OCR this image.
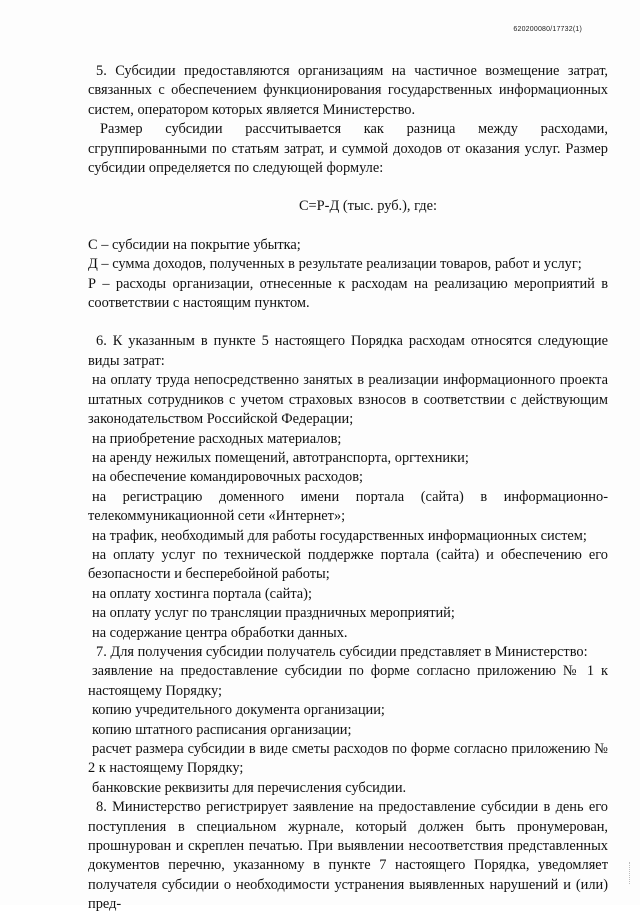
620200080/17732(1)

5. Субсидии предоставляются организациям на частичное возмещение затрат, связанных с обеспечением функционирования государственных информационных систем, оператором которых является Министерство.

Размер субсидии рассчитывается как разница между расходами, сгруппированными по статьям затрат, и суммой доходов от оказания услуг. Размер субсидии определяется по следующей формуле:

С=Р-Д (тыс. руб.), где:

С – субсидии на покрытие убытка;

Д – сумма доходов, полученных в результате реализации товаров, работ и услуг;

Р – расходы организации, отнесенные к расходам на реализацию мероприятий в соответствии с настоящим пунктом.

6. К указанным в пункте 5 настоящего Порядка расходам относятся следующие виды затрат:

на оплату труда непосредственно занятых в реализации информационного проекта штатных сотрудников с учетом страховых взносов в соответствии с действующим законодательством Российской Федерации;

на приобретение расходных материалов;

на аренду нежилых помещений, автотранспорта, оргтехники;

на обеспечение командировочных расходов;

на регистрацию доменного имени портала (сайта) в информационно-телекоммуникационной сети «Интернет»;

на трафик, необходимый для работы государственных информационных систем;

на оплату услуг по технической поддержке портала (сайта) и обеспечению его безопасности и бесперебойной работы;

на оплату хостинга портала (сайта);

на оплату услуг по трансляции праздничных мероприятий;

на содержание центра обработки данных.

7. Для получения субсидии получатель субсидии представляет в Министерство:

заявление на предоставление субсидии по форме согласно приложению № 1 к настоящему Порядку;

копию учредительного документа организации;

копию штатного расписания организации;

расчет размера субсидии в виде сметы расходов по форме согласно приложению № 2 к настоящему Порядку;

банковские реквизиты для перечисления субсидии.

8. Министерство регистрирует заявление на предоставление субсидии в день его поступления в специальном журнале, который должен быть пронумерован, прошнурован и скреплен печатью. При выявлении несоответствия представленных документов перечню, указанному в пункте 7 настоящего Порядка, уведомляет получателя субсидии о необходимости устранения выявленных нарушений и (или) пред-
